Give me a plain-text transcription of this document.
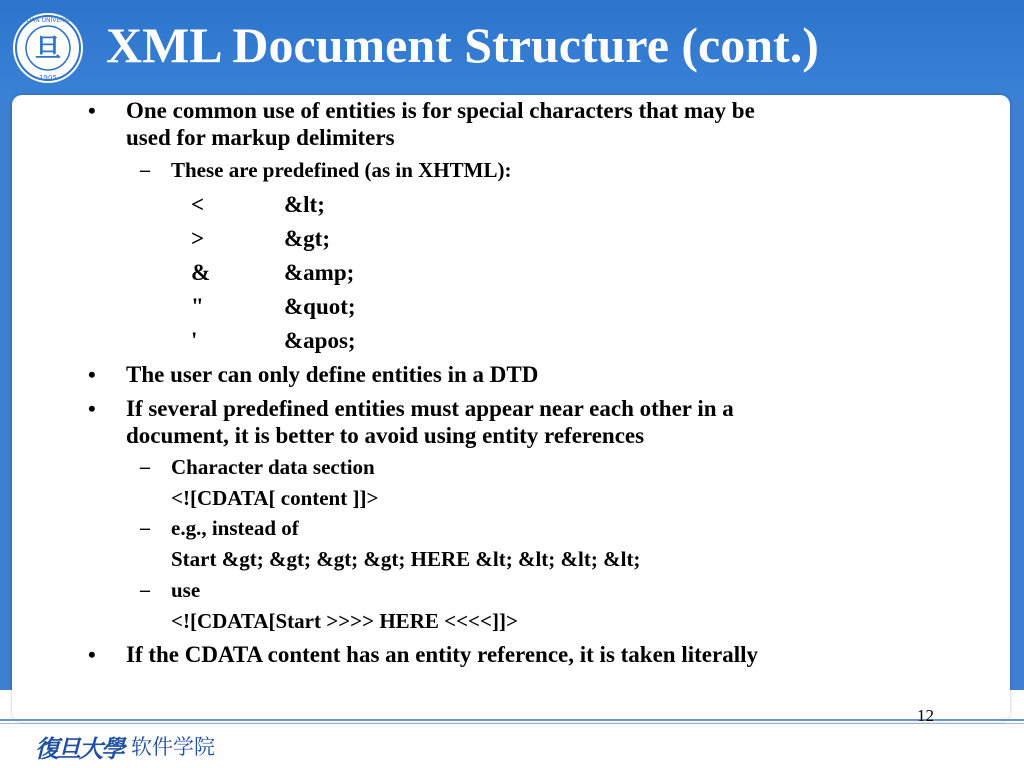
旦
FUDAN UNIVERSITY
1905
XML Document Structure (cont.)
• One common use of entities is for special characters that may be
used for markup delimiters
– These are predefined (as in XHTML):
<	&lt;
>	&gt;
&	&amp;
"	&quot;
'	&apos;
• The user can only define entities in a DTD
• If several predefined entities must appear near each other in a
document, it is better to avoid using entity references
– Character data section
<![CDATA[ content ]]>
– e.g., instead of
Start &gt; &gt; &gt; &gt; HERE &lt; &lt; &lt; &lt;
– use
<![CDATA[Start >>>> HERE <<<<]]>
• If the CDATA content has an entity reference, it is taken literally
12
復旦大學 软件学院
